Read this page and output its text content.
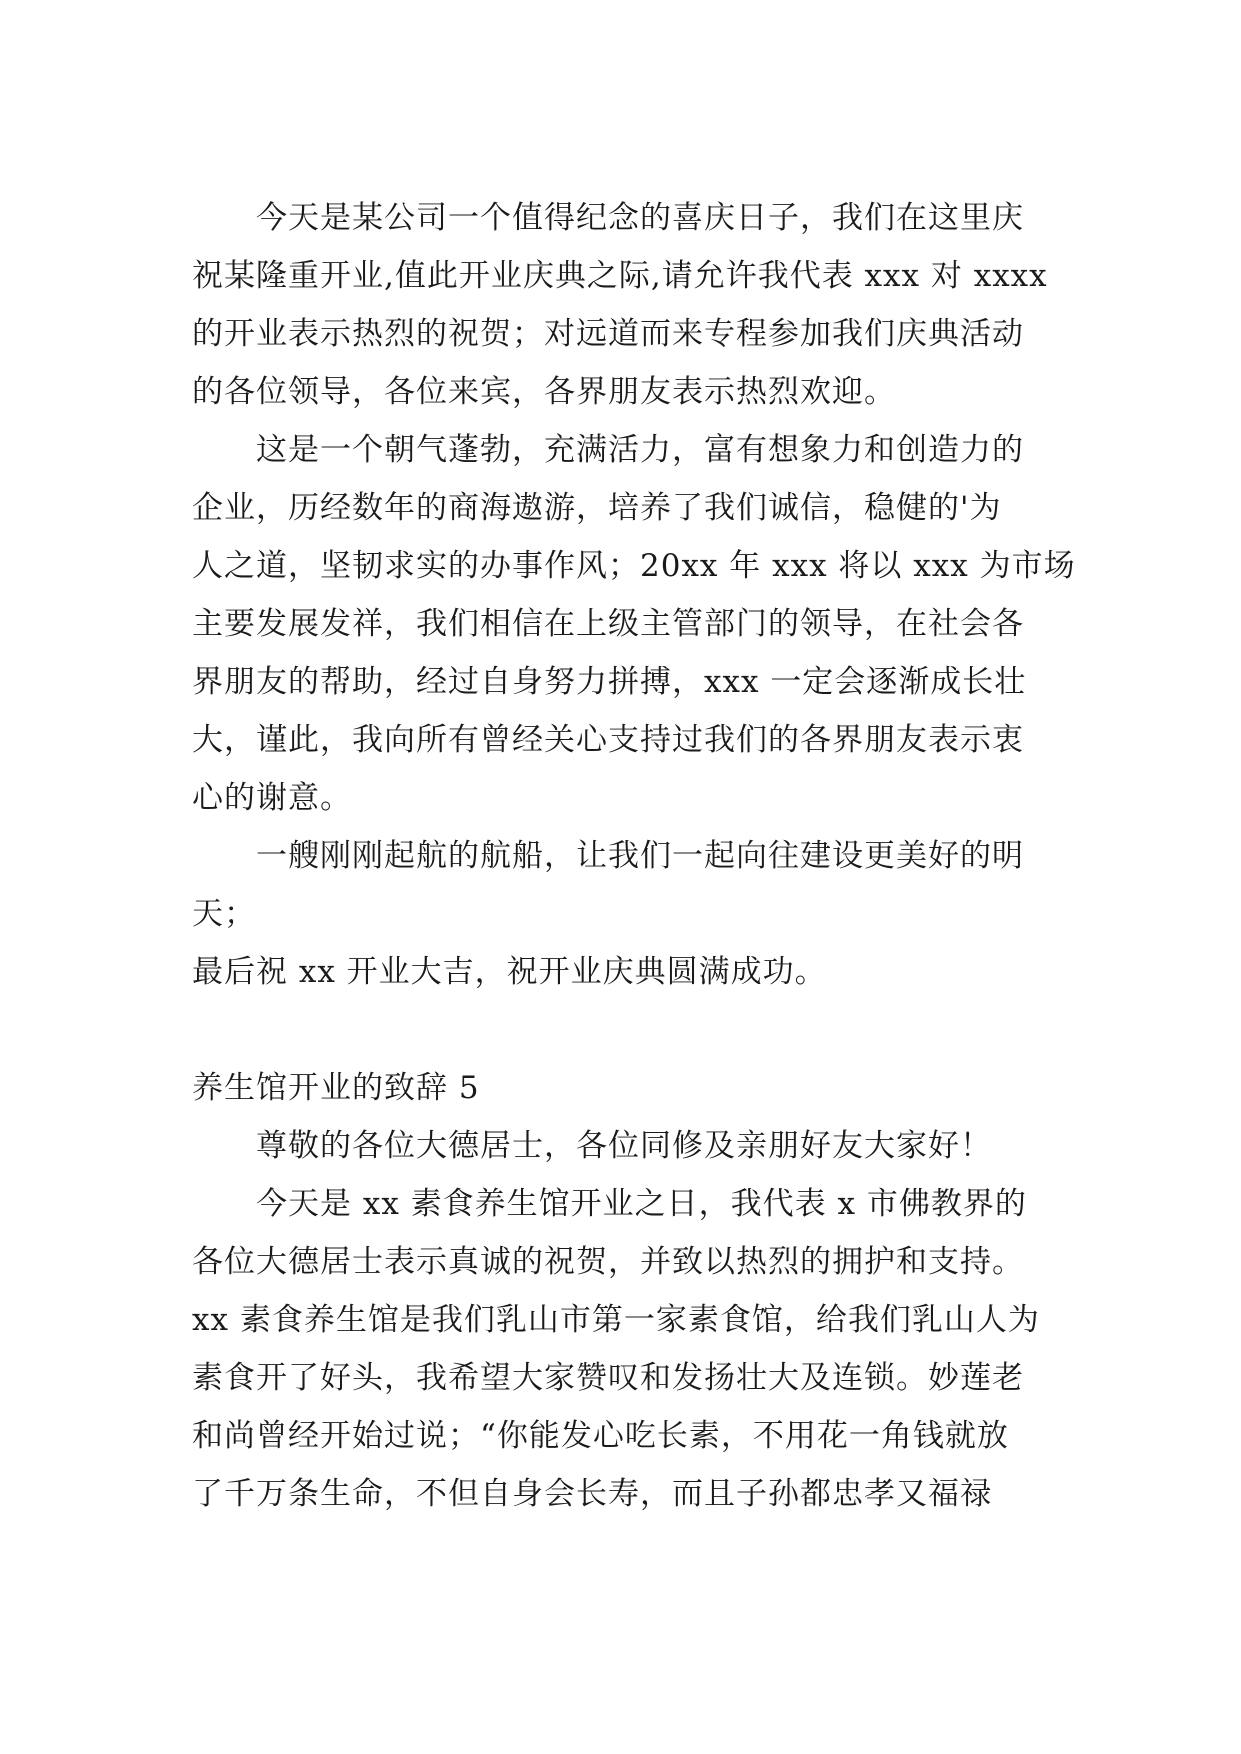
今天是某公司一个值得纪念的喜庆日子，我们在这里庆
祝某隆重开业,值此开业庆典之际,请允许我代表 xxx 对 xxxx
的开业表示热烈的祝贺；对远道而来专程参加我们庆典活动
的各位领导，各位来宾，各界朋友表示热烈欢迎。
这是一个朝气蓬勃，充满活力，富有想象力和创造力的
企业，历经数年的商海遨游，培养了我们诚信，稳健的'为
人之道，坚韧求实的办事作风；20xx 年 xxx 将以 xxx 为市场
主要发展发祥，我们相信在上级主管部门的领导，在社会各
界朋友的帮助，经过自身努力拼搏，xxx 一定会逐渐成长壮
大，谨此，我向所有曾经关心支持过我们的各界朋友表示衷
心的谢意。
一艘刚刚起航的航船，让我们一起向往建设更美好的明
天；
最后祝 xx 开业大吉，祝开业庆典圆满成功。
养生馆开业的致辞 5
尊敬的各位大德居士，各位同修及亲朋好友大家好！
今天是 xx 素食养生馆开业之日，我代表 x 市佛教界的
各位大德居士表示真诚的祝贺，并致以热烈的拥护和支持。
xx 素食养生馆是我们乳山市第一家素食馆，给我们乳山人为
素食开了好头，我希望大家赞叹和发扬壮大及连锁。妙莲老
和尚曾经开始过说；“你能发心吃长素，不用花一角钱就放
了千万条生命，不但自身会长寿，而且子孙都忠孝又福禄
